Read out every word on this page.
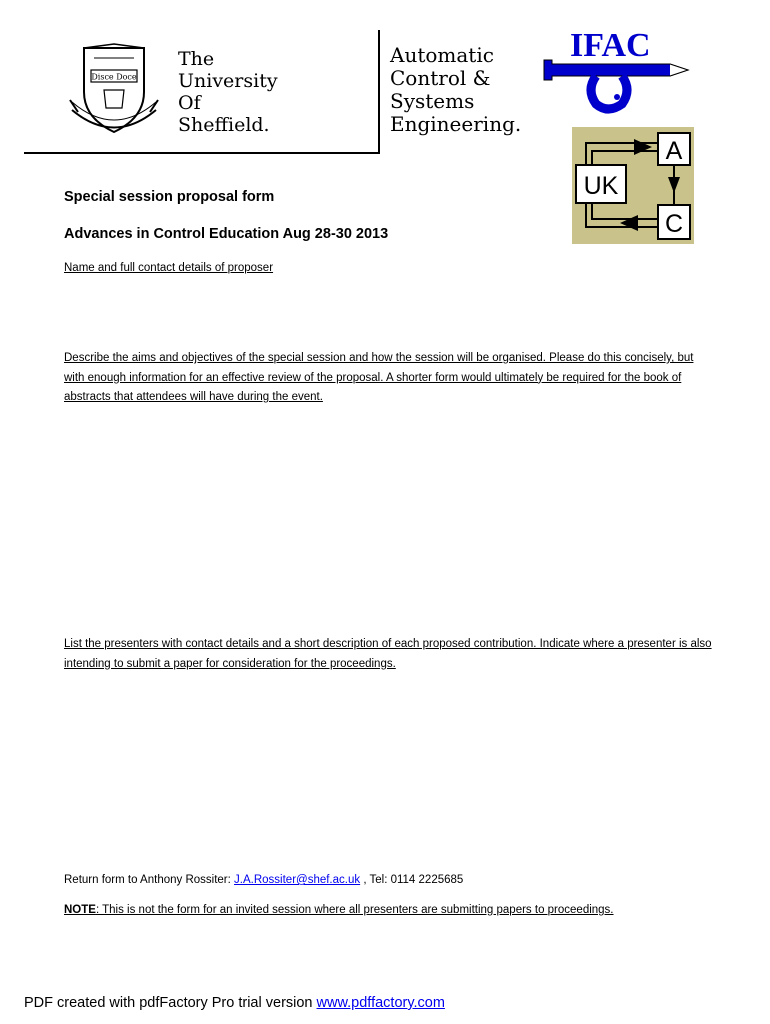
Disce Doce
The
University
Of
Sheffield.
Automatic
Control &
Systems
Engineering.
IFAC
UK
A
C
Special session proposal form
Advances in Control Education Aug 28-30 2013
Name and full contact details of proposer
Describe the aims and objectives of the special session and how the session will be organised. Please do this concisely, but with enough information for an effective review of the proposal. A shorter form would ultimately be required for the book of abstracts that attendees will have during the event.
List the presenters with contact details and a short description of each proposed contribution. Indicate where a presenter is also intending to submit a paper for consideration for the proceedings.
Return form to Anthony Rossiter: J.A.Rossiter@shef.ac.uk , Tel: 0114 2225685
NOTE: This is not the form for an invited session where all presenters are submitting papers to proceedings.
PDF created with pdfFactory Pro trial version www.pdffactory.com
